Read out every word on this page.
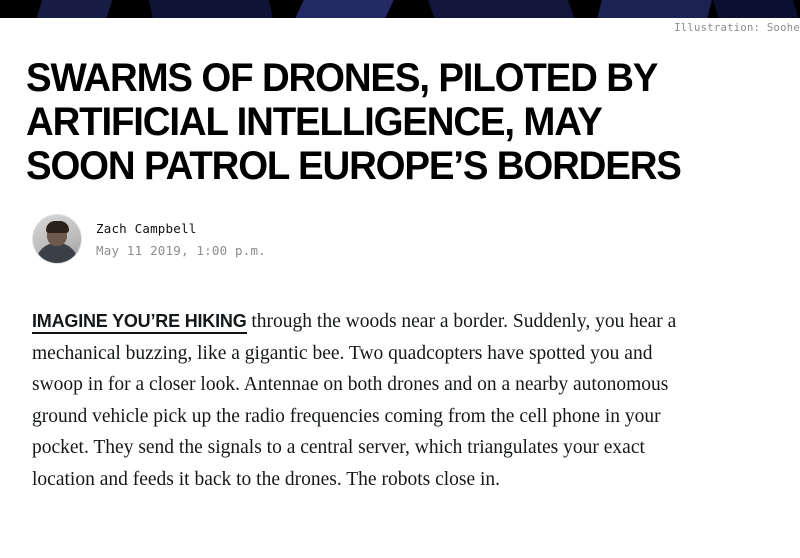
Illustration: Soohe
SWARMS OF DRONES, PILOTED BY ARTIFICIAL INTELLIGENCE, MAY SOON PATROL EUROPE’S BORDERS
Zach Campbell
May 11 2019, 1:00 p.m.
IMAGINE YOU’RE HIKING through the woods near a border. Suddenly, you hear a mechanical buzzing, like a gigantic bee. Two quadcopters have spotted you and swoop in for a closer look. Antennae on both drones and on a nearby autonomous ground vehicle pick up the radio frequencies coming from the cell phone in your pocket. They send the signals to a central server, which triangulates your exact location and feeds it back to the drones. The robots close in.
